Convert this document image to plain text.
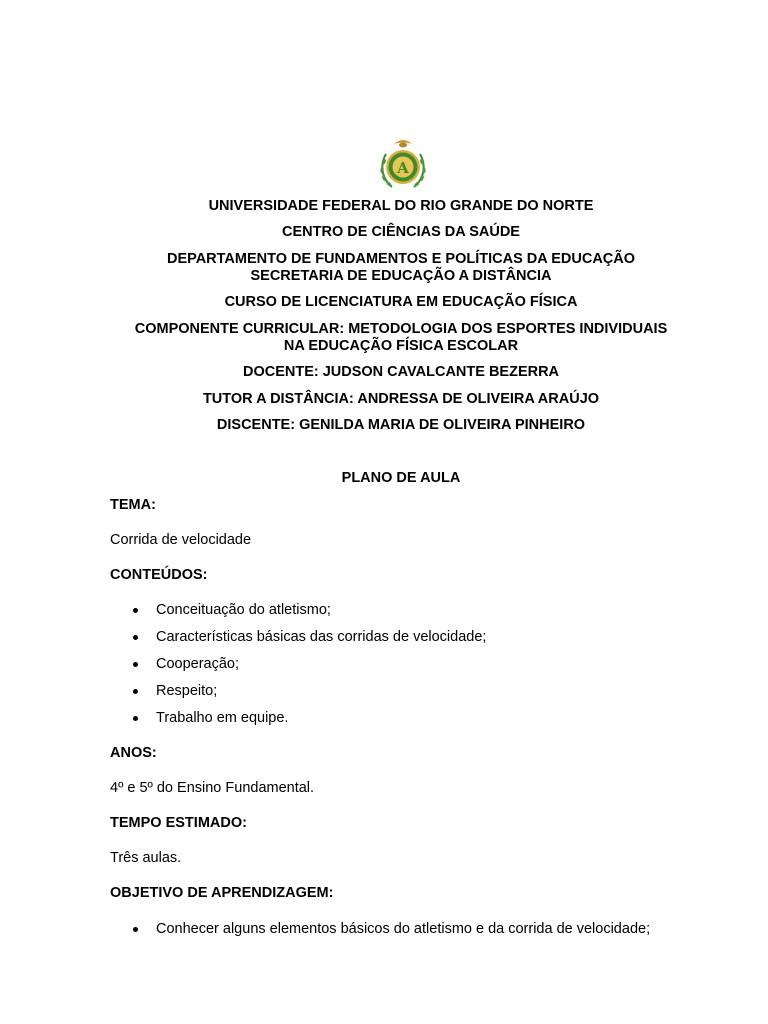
A
UNIVERSIDADE FEDERAL DO RIO GRANDE DO NORTE
CENTRO DE CIÊNCIAS DA SAÚDE
DEPARTAMENTO DE FUNDAMENTOS E POLÍTICAS DA EDUCAÇÃO
SECRETARIA DE EDUCAÇÃO A DISTÂNCIA
CURSO DE LICENCIATURA EM EDUCAÇÃO FÍSICA
COMPONENTE CURRICULAR: METODOLOGIA DOS ESPORTES INDIVIDUAIS
NA EDUCAÇÃO FÍSICA ESCOLAR
DOCENTE: JUDSON CAVALCANTE BEZERRA
TUTOR A DISTÂNCIA: ANDRESSA DE OLIVEIRA ARAÚJO
DISCENTE: GENILDA MARIA DE OLIVEIRA PINHEIRO
PLANO DE AULA
TEMA:
Corrida de velocidade
CONTEÚDOS:
Conceituação do atletismo;
Características básicas das corridas de velocidade;
Cooperação;
Respeito;
Trabalho em equipe.
ANOS:
4º e 5º do Ensino Fundamental.
TEMPO ESTIMADO:
Três aulas.
OBJETIVO DE APRENDIZAGEM:
Conhecer alguns elementos básicos do atletismo e da corrida de velocidade;
